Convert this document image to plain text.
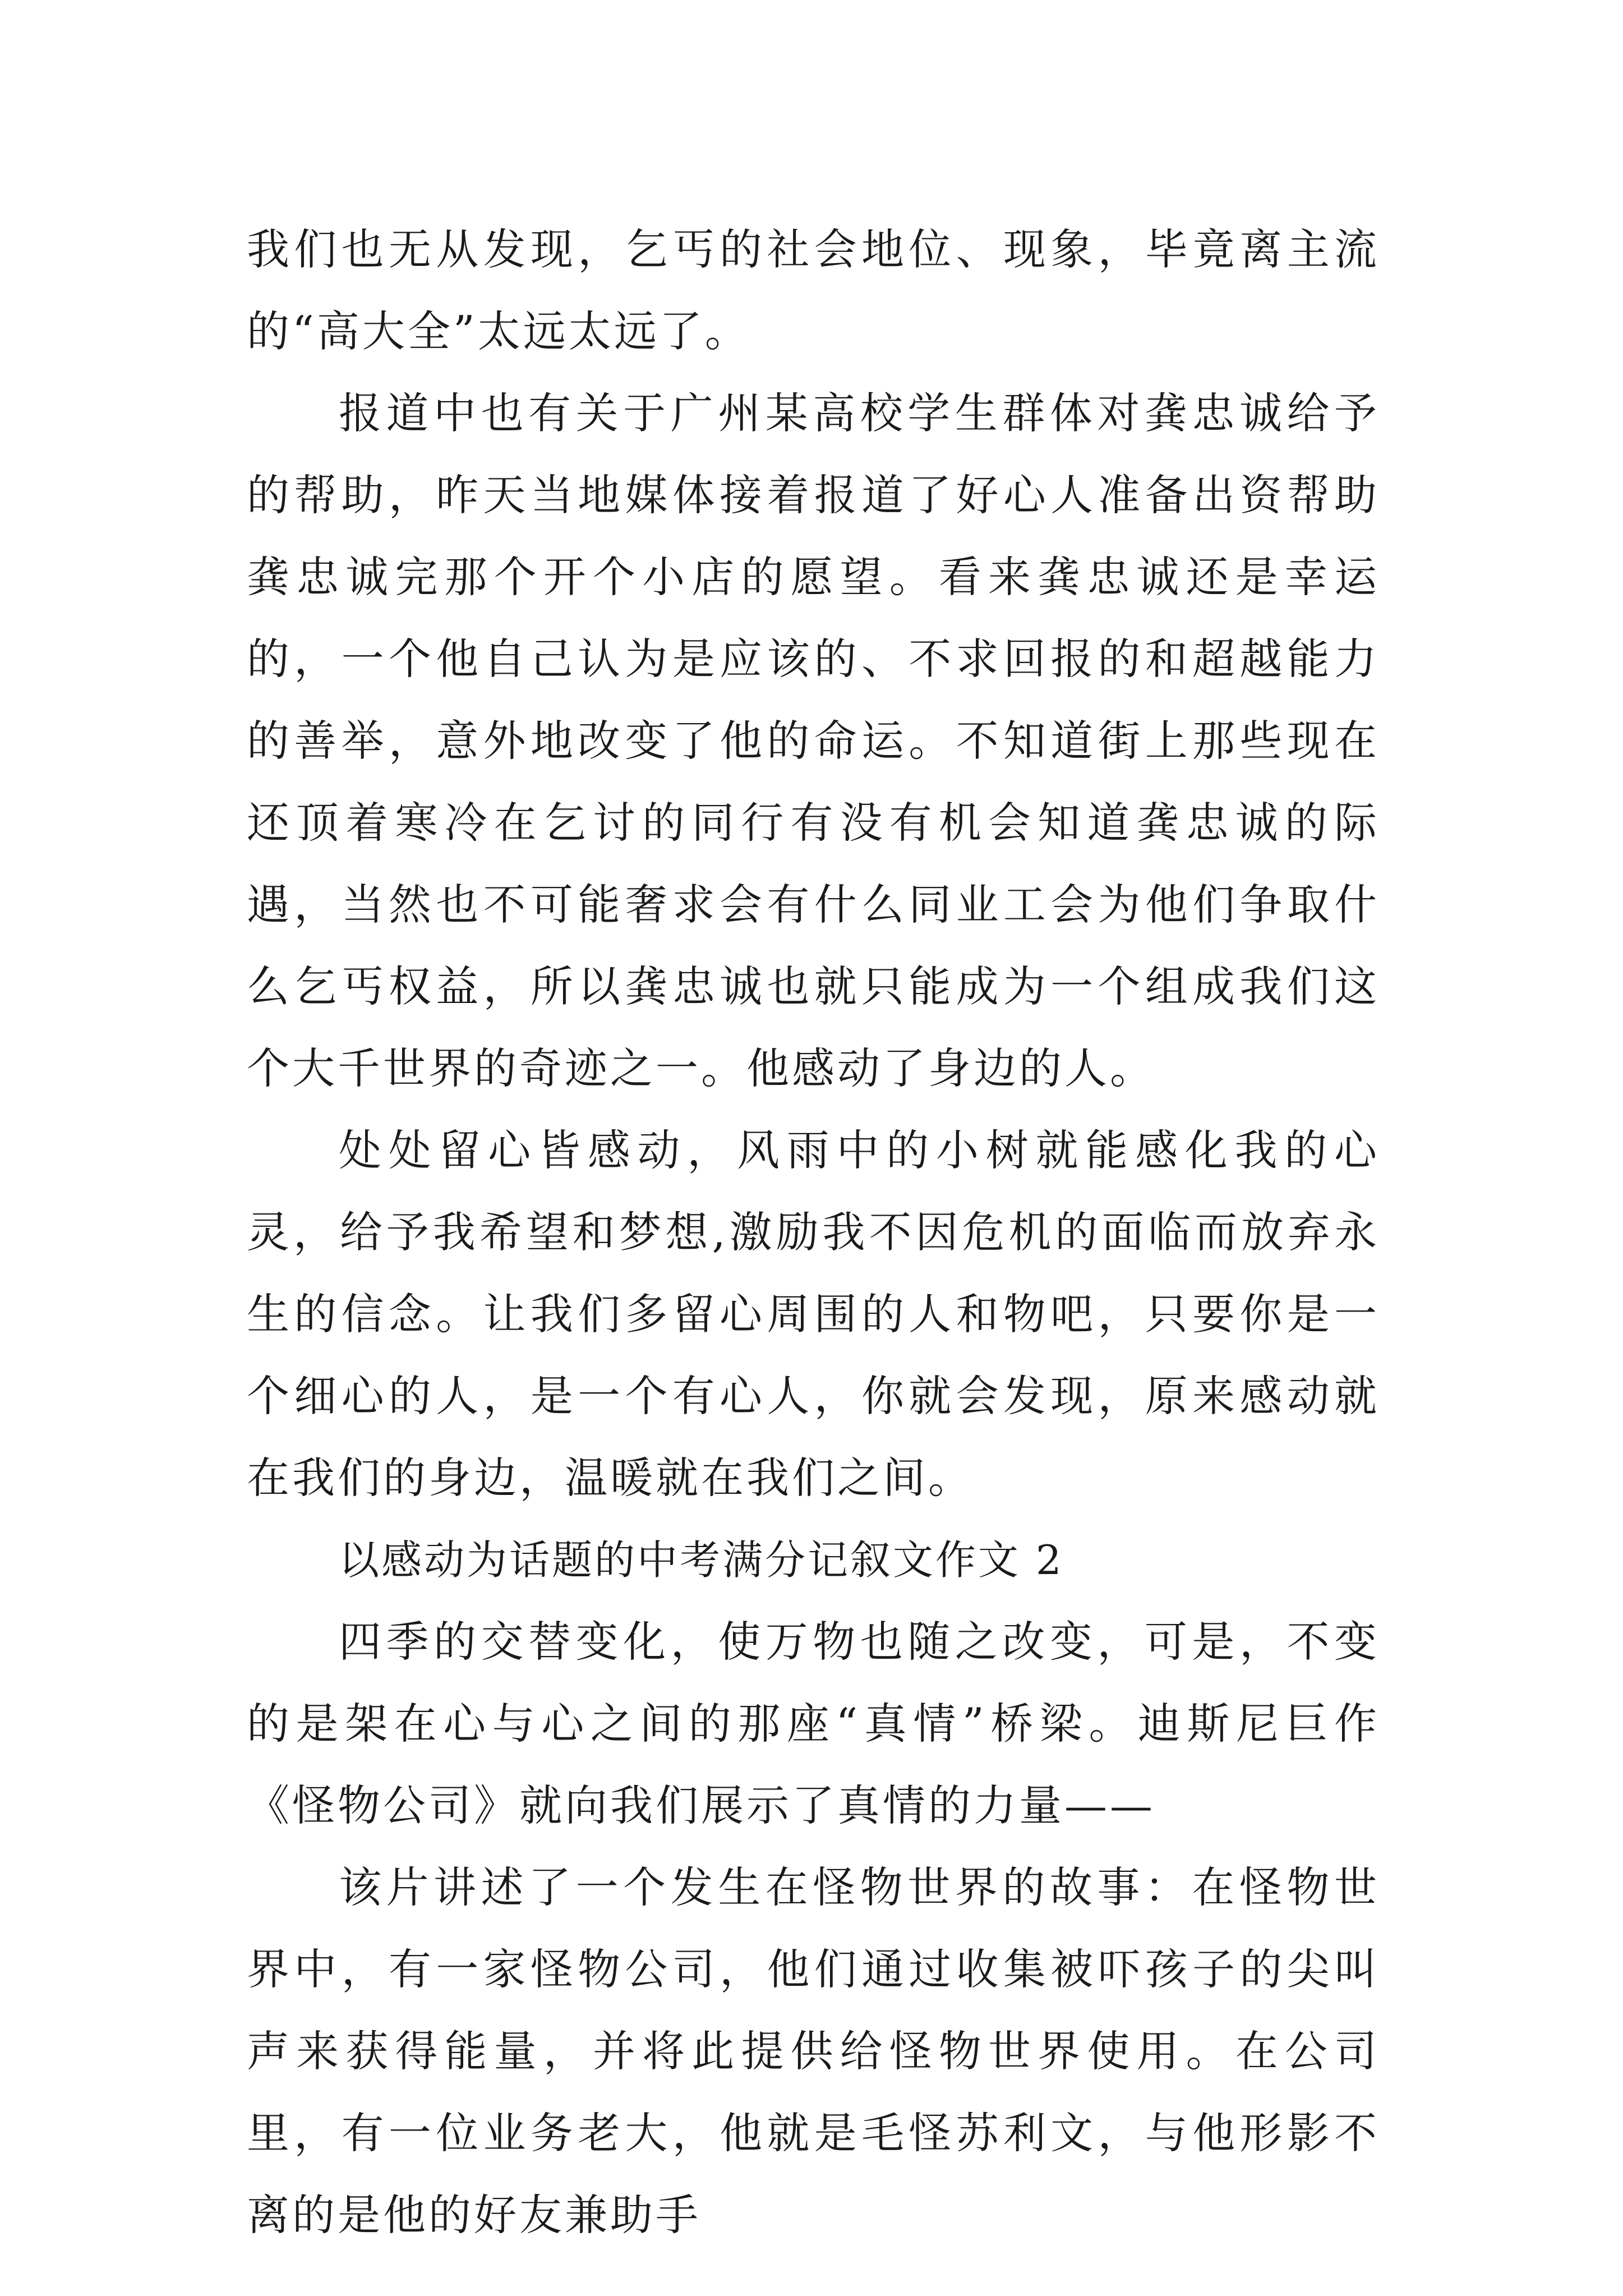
我们也无从发现，乞丐的社会地位、现象，毕竟离主流的“高大全”太远太远了。

报道中也有关于广州某高校学生群体对龚忠诚给予的帮助，昨天当地媒体接着报道了好心人准备出资帮助龚忠诚完那个开个小店的愿望。看来龚忠诚还是幸运的，一个他自己认为是应该的、不求回报的和超越能力的善举，意外地改变了他的命运。不知道街上那些现在还顶着寒冷在乞讨的同行有没有机会知道龚忠诚的际遇，当然也不可能奢求会有什么同业工会为他们争取什么乞丐权益，所以龚忠诚也就只能成为一个组成我们这个大千世界的奇迹之一。他感动了身边的人。

处处留心皆感动，风雨中的小树就能感化我的心灵，给予我希望和梦想,激励我不因危机的面临而放弃永生的信念。让我们多留心周围的人和物吧，只要你是一个细心的人，是一个有心人，你就会发现，原来感动就在我们的身边，温暖就在我们之间。

以感动为话题的中考满分记叙文作文 2

四季的交替变化，使万物也随之改变，可是，不变的是架在心与心之间的那座“真情”桥梁。迪斯尼巨作《怪物公司》就向我们展示了真情的力量——

该片讲述了一个发生在怪物世界的故事：在怪物世界中，有一家怪物公司，他们通过收集被吓孩子的尖叫声来获得能量，并将此提供给怪物世界使用。在公司里，有一位业务老大，他就是毛怪苏利文，与他形影不离的是他的好友兼助手
